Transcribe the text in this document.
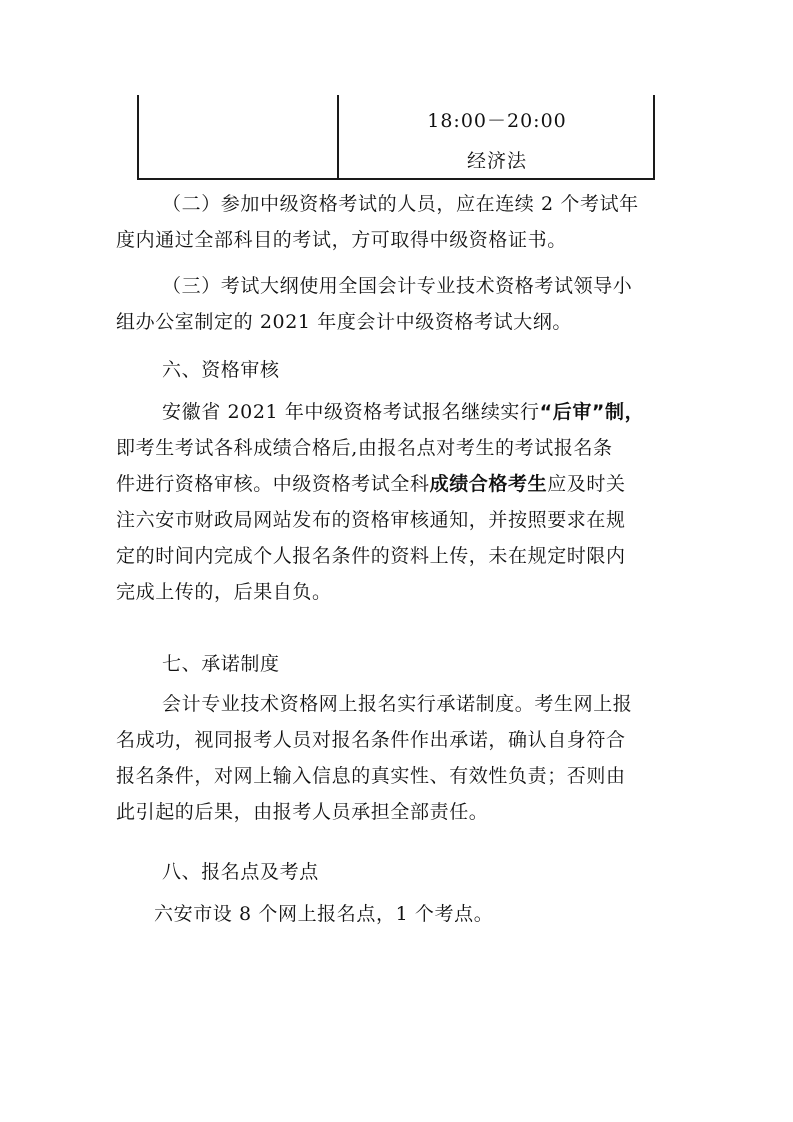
18:00－20:00
经济法
（二）参加中级资格考试的人员，应在连续 2 个考试年
度内通过全部科目的考试，方可取得中级资格证书。
（三）考试大纲使用全国会计专业技术资格考试领导小
组办公室制定的 2021 年度会计中级资格考试大纲。
六、资格审核
安徽省 2021 年中级资格考试报名继续实行“后审”制，
即考生考试各科成绩合格后,由报名点对考生的考试报名条
件进行资格审核。中级资格考试全科成绩合格考生应及时关
注六安市财政局网站发布的资格审核通知，并按照要求在规
定的时间内完成个人报名条件的资料上传，未在规定时限内
完成上传的，后果自负。
七、承诺制度
会计专业技术资格网上报名实行承诺制度。考生网上报
名成功，视同报考人员对报名条件作出承诺，确认自身符合
报名条件，对网上输入信息的真实性、有效性负责；否则由
此引起的后果，由报考人员承担全部责任。
八、报名点及考点
六安市设 8 个网上报名点，1 个考点。
